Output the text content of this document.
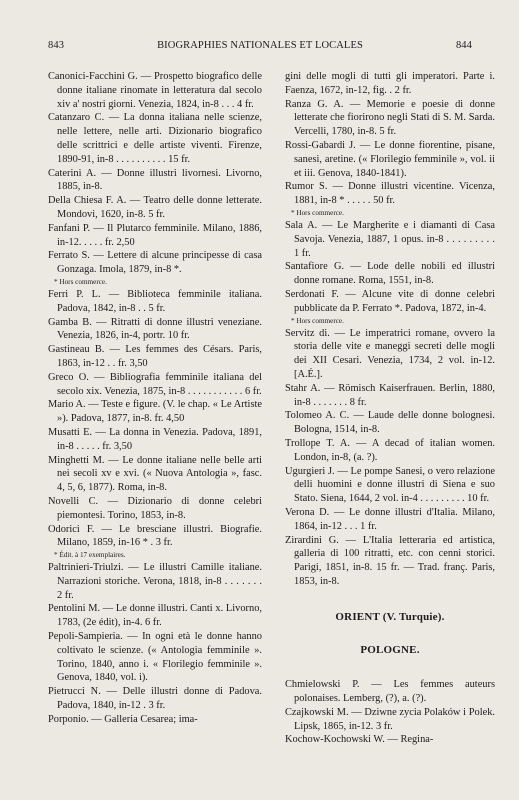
843	BIOGRAPHIES NATIONALES ET LOCALES	844

Canonici-Facchini G. — Prospetto biografico delle donne italiane rinomate in letteratura dal secolo xiv a' nostri giorni. Venezia, 1824, in-8 . . . 4 fr.

Catanzaro C. — La donna italiana nelle scienze, nelle lettere, nelle arti. Dizionario biografico delle scrittrici e delle artiste viventi. Firenze, 1890-91, in-8 . . . . . . . . . . 15 fr.

Caterini A. — Donne illustri livornesi. Livorno, 1885, in-8.

Della Chiesa F. A. — Teatro delle donne letterate. Mondovi, 1620, in-8. 5 fr.

Fanfani P. — Il Plutarco femminile. Milano, 1886, in-12. . . . . fr. 2,50

Ferrato S. — Lettere di alcune principesse di casa Gonzaga. Imola, 1879, in-8 *.

* Hors commerce.

Ferri P. L. — Biblioteca femminile italiana. Padova, 1842, in-8 . . 5 fr.

Gamba B. — Ritratti di donne illustri veneziane. Venezia, 1826, in-4, portr. 10 fr.

Gastineau B. — Les femmes des Césars. Paris, 1863, in-12 . . fr. 3,50

Greco O. — Bibliografia femminile italiana del secolo xix. Venezia, 1875, in-8 . . . . . . . . . . . 6 fr.

Mario A. — Teste e figure. (V. le chap. « Le Artiste »). Padova, 1877, in-8. fr. 4,50

Musatti E. — La donna in Venezia. Padova, 1891, in-8 . . . . . fr. 3,50

Minghetti M. — Le donne italiane nelle belle arti nei secoli xv e xvi. (« Nuova Antologia », fasc. 4, 5, 6, 1877). Roma, in-8.

Novelli C. — Dizionario di donne celebri piemontesi. Torino, 1853, in-8.

Odorici F. — Le bresciane illustri. Biografie. Milano, 1859, in-16 * . 3 fr.

* Édit. à 17 exemplaires.

Paltrinieri-Triulzi. — Le illustri Camille italiane. Narrazioni storiche. Verona, 1818, in-8 . . . . . . . 2 fr.

Pentolini M. — Le donne illustri. Canti x. Livorno, 1783, (2e édit), in-4. 6 fr.

Pepoli-Sampieria. — In ogni età le donne hanno coltivato le scienze. (« Antologia femminile ». Torino, 1840, anno i. « Florilegio femminile ». Genova, 1840, vol. i).

Pietrucci N. — Delle illustri donne di Padova. Padova, 1840, in-12 . 3 fr.

Porponio. — Galleria Cesarea; ima-

gini delle mogli di tutti gli imperatori. Parte i. Faenza, 1672, in-12, fig. . 2 fr.

Ranza G. A. — Memorie e poesie di donne letterate che fiorirono negli Stati di S. M. Sarda. Vercelli, 1780, in-8. 5 fr.

Rossi-Gabardi J. — Le donne fiorentine, pisane, sanesi, aretine. (« Florilegio femminile », vol. ii et iii. Genova, 1840-1841).

Rumor S. — Donne illustri vicentine. Vicenza, 1881, in-8 * . . . . . 50 fr.

* Hors commerce.

Sala A. — Le Margherite e i diamanti di Casa Savoja. Venezia, 1887, 1 opus. in-8 . . . . . . . . . 1 fr.

Santafiore G. — Lode delle nobili ed illustri donne romane. Roma, 1551, in-8.

Serdonati F. — Alcune vite di donne celebri pubblicate da P. Ferrato *. Padova, 1872, in-4.

* Hors commerce.

Servitz di. — Le imperatrici romane, ovvero la storia delle vite e maneggi secreti delle mogli dei XII Cesari. Venezia, 1734, 2 vol. in-12. [A.É.].

Stahr A. — Römisch Kaiserfrauen. Berlin, 1880, in-8 . . . . . . . 8 fr.

Tolomeo A. C. — Laude delle donne bolognesi. Bologna, 1514, in-8.

Trollope T. A. — A decad of italian women. London, in-8, (a. ?).

Ugurgieri J. — Le pompe Sanesi, o vero relazione delli huomini e donne illustri di Siena e suo Stato. Siena, 1644, 2 vol. in-4 . . . . . . . . . 10 fr.

Verona D. — Le donne illustri d'Italia. Milano, 1864, in-12 . . . 1 fr.

Zirardini G. — L'Italia letteraria ed artistica, galleria di 100 ritratti, etc. con cenni storici. Parigi, 1851, in-8. 15 fr. — Trad. franç. Paris, 1853, in-8.

ORIENT (V. Turquie).
POLOGNE.

Chmielowski P. — Les femmes auteurs polonaises. Lemberg, (?), a. (?).

Czajkowski M. — Dziwne zycia Polaków i Polek. Lipsk, 1865, in-12. 3 fr.

Kochow-Kochowski W. — Regina-
